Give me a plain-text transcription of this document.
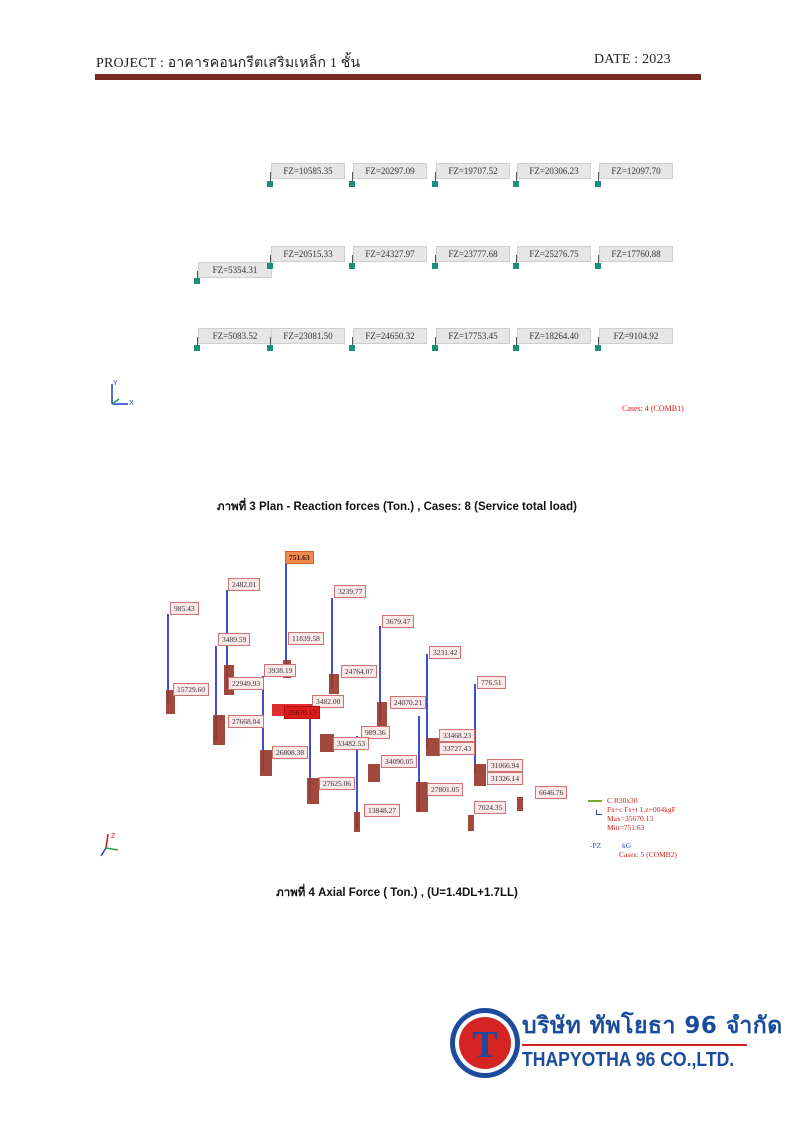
PROJECT : อาคารคอนกรีตเสริมเหล็ก 1 ชั้น	DATE : 2023
FZ=10585.35	FZ=20297.09	FZ=19707.52	FZ=20306.23	FZ=12097.70
FZ=5354.31
FZ=20515.33	FZ=24327.97	FZ=23777.68	FZ=25276.75	FZ=17760.88
FZ=5083.52	FZ=23081.50	FZ=24650.32	FZ=17753.45	FZ=18264.40	FZ=9104.92
Y
X
Cases: 4 (COMB1)
ภาพที่ 3 Plan - Reaction forces (Ton.) , Cases: 8 (Service total load)
751.63
2482.01
3239.77
985.43
3679.47
3489.59	11839.58
3231.42
22949.93
24764.07
15729.60
3938.19
776.51
3482.00	24070.21
27668.04
35670.13
989.36	33468.23
33482.53
33727.43
34090.05
26808.38
31066.94
31326.14
27625.06
27801.05	6646.76
13848.27	7024.35
C R30x30
Fx+c Fs+t 1.z+004kgF
Max=35670.13
Min=751.63
-PZ	kG
Cases: 5 (COMB2)
Z
ภาพที่ 4 Axial Force ( Ton.) , (U=1.4DL+1.7LL)
T บริษัท ทัพโยธา 96 จำกัด
THAPYOTHA 96 CO.,LTD.
